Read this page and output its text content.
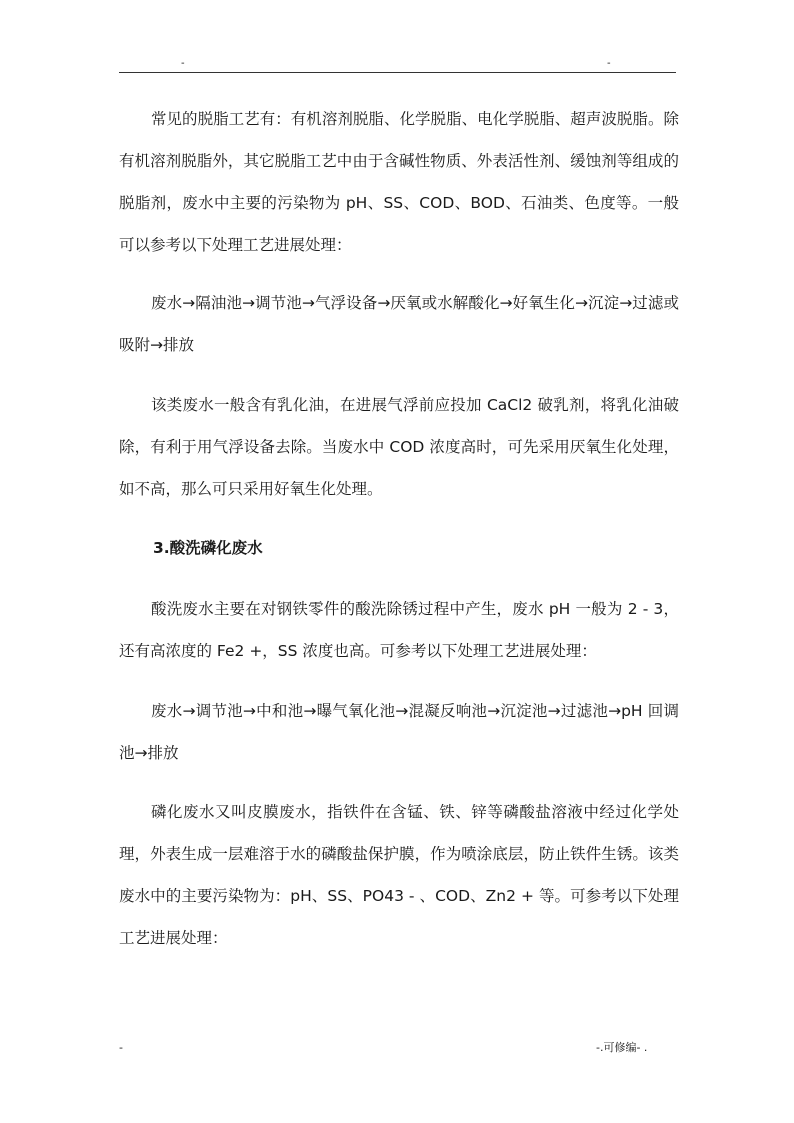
-	-

常见的脱脂工艺有：有机溶剂脱脂、化学脱脂、电化学脱脂、超声波脱脂。除有机溶剂脱脂外，其它脱脂工艺中由于含碱性物质、外表活性剂、缓蚀剂等组成的脱脂剂，废水中主要的污染物为 pH、SS、COD、BOD、石油类、色度等。一般可以参考以下处理工艺进展处理：

废水→隔油池→调节池→气浮设备→厌氧或水解酸化→好氧生化→沉淀→过滤或吸附→排放

该类废水一般含有乳化油，在进展气浮前应投加 CaCl2 破乳剂，将乳化油破除，有利于用气浮设备去除。当废水中 COD 浓度高时，可先采用厌氧生化处理，如不高，那么可只采用好氧生化处理。

3.酸洗磷化废水

酸洗废水主要在对钢铁零件的酸洗除锈过程中产生，废水 pH 一般为 2 - 3，还有高浓度的 Fe2 +，SS 浓度也高。可参考以下处理工艺进展处理：

废水→调节池→中和池→曝气氧化池→混凝反响池→沉淀池→过滤池→pH 回调池→排放

磷化废水又叫皮膜废水，指铁件在含锰、铁、锌等磷酸盐溶液中经过化学处理，外表生成一层难溶于水的磷酸盐保护膜，作为喷涂底层，防止铁件生锈。该类废水中的主要污染物为：pH、SS、PO43 - 、COD、Zn2 + 等。可参考以下处理工艺进展处理：

-	-.可修编- .
